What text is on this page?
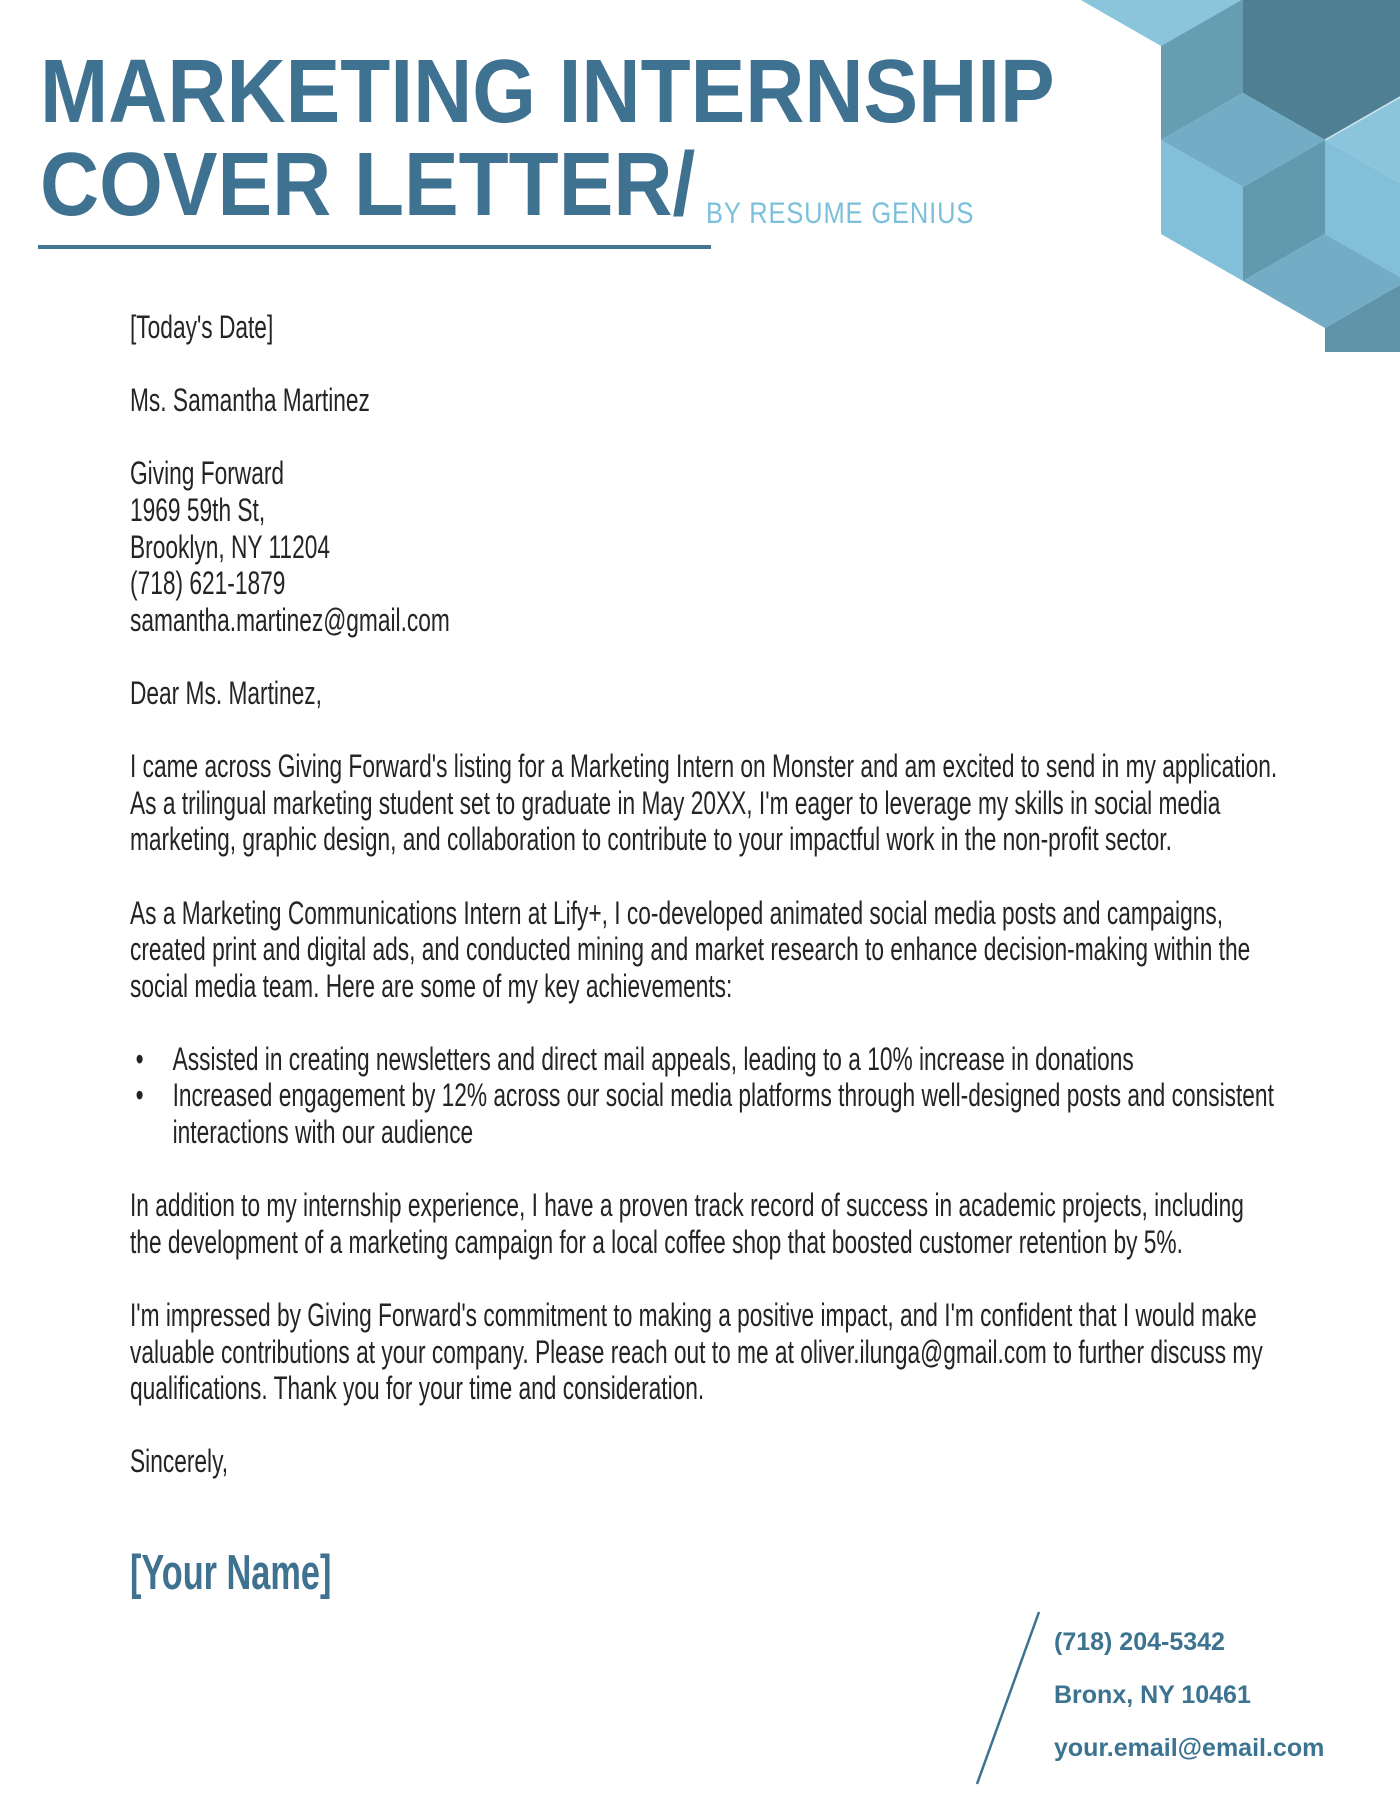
MARKETING INTERNSHIP
COVER LETTER/ BY RESUME GENIUS
[Today's Date]
Ms. Samantha Martinez

Giving Forward

1969 59th St,

Brooklyn, NY 11204

(718) 621-1879

samantha.martinez@gmail.com

Dear Ms. Martinez,

I came across Giving Forward's listing for a Marketing Intern on Monster and am excited to send in my application. As a trilingual marketing student set to graduate in May 20XX, I'm eager to leverage my skills in social media marketing, graphic design, and collaboration to contribute to your impactful work in the non-profit sector.

As a Marketing Communications Intern at Lify+, I co-developed animated social media posts and campaigns, created print and digital ads, and conducted mining and market research to enhance decision-making within the social media team. Here are some of my key achievements:

• Assisted in creating newsletters and direct mail appeals, leading to a 10% increase in donations
• Increased engagement by 12% across our social media platforms through well-designed posts and consistent interactions with our audience

In addition to my internship experience, I have a proven track record of success in academic projects, including the development of a marketing campaign for a local coffee shop that boosted customer retention by 5%.

I'm impressed by Giving Forward's commitment to making a positive impact, and I'm confident that I would make valuable contributions at your company. Please reach out to me at oliver.ilunga@gmail.com to further discuss my qualifications. Thank you for your time and consideration.

Sincerely,
[Your Name]
(718) 204-5342
Bronx, NY 10461
your.email@email.com
